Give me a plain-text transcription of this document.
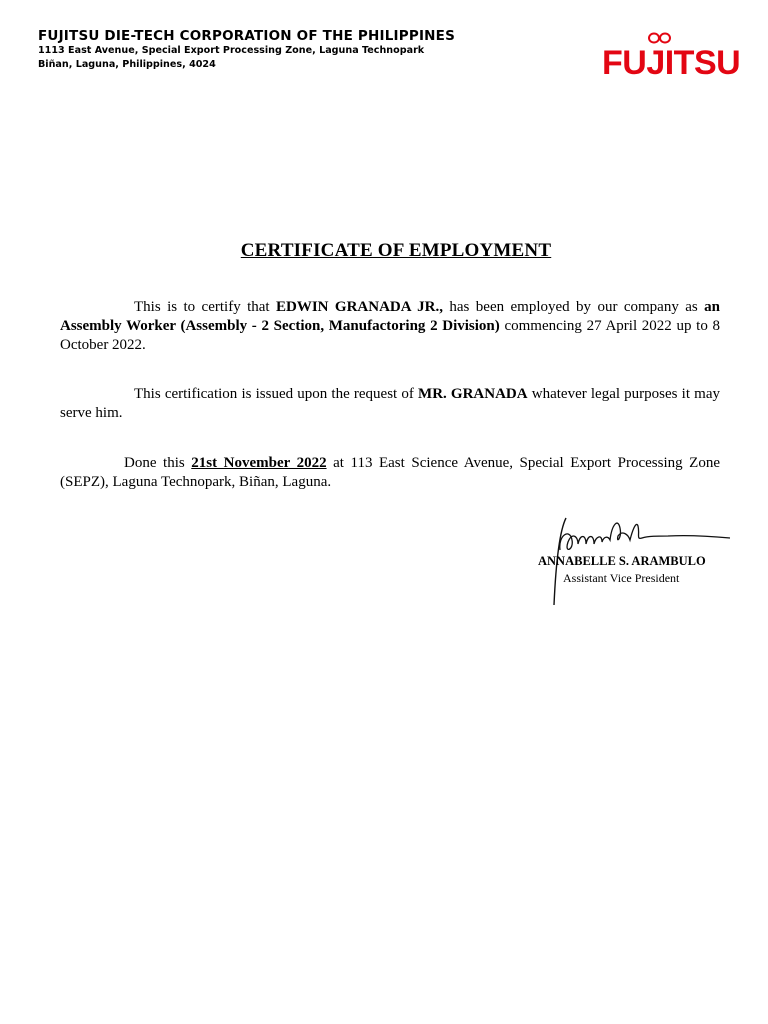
FUJITSU DIE-TECH CORPORATION OF THE PHILIPPINES
1113 East Avenue, Special Export Processing Zone, Laguna Technopark
Biñan, Laguna, Philippines, 4024	FUJITSU
CERTIFICATE OF EMPLOYMENT
This is to certify that EDWIN GRANADA JR., has been employed by our company as an Assembly Worker (Assembly - 2 Section, Manufactoring 2 Division) commencing 27 April 2022 up to 8 October 2022.
This certification is issued upon the request of MR. GRANADA whatever legal purposes it may serve him.
Done this 21st November 2022 at 113 East Science Avenue, Special Export Processing Zone (SEPZ), Laguna Technopark, Biñan, Laguna.
ANNABELLE S. ARAMBULO
Assistant Vice President
